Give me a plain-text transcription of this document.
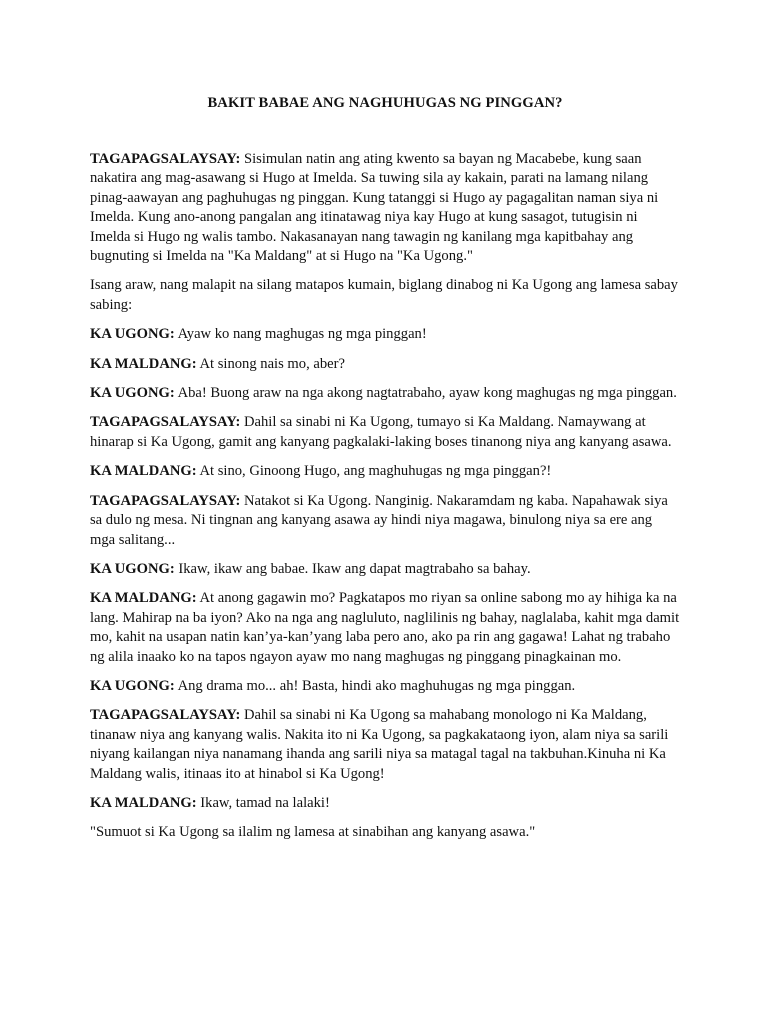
BAKIT BABAE ANG NAGHUHUGAS NG PINGGAN?

TAGAPAGSALAYSAY: Sisimulan natin ang ating kwento sa bayan ng Macabebe, kung saan nakatira ang mag-asawang si Hugo at Imelda. Sa tuwing sila ay kakain, parati na lamang nilang pinag-aawayan ang paghuhugas ng pinggan. Kung tatanggi si Hugo ay pagagalitan naman siya ni Imelda. Kung ano-anong pangalan ang itinatawag niya kay Hugo at kung sasagot, tutugisin ni Imelda si Hugo ng walis tambo. Nakasanayan nang tawagin ng kanilang mga kapitbahay ang bugnuting si Imelda na "Ka Maldang" at si Hugo na "Ka Ugong."

Isang araw, nang malapit na silang matapos kumain, biglang dinabog ni Ka Ugong ang lamesa sabay sabing:

KA UGONG: Ayaw ko nang maghugas ng mga pinggan!

KA MALDANG: At sinong nais mo, aber?

KA UGONG: Aba! Buong araw na nga akong nagtatrabaho, ayaw kong maghugas ng mga pinggan.

TAGAPAGSALAYSAY: Dahil sa sinabi ni Ka Ugong, tumayo si Ka Maldang. Namaywang at hinarap si Ka Ugong, gamit ang kanyang pagkalaki-laking boses tinanong niya ang kanyang asawa.

KA MALDANG: At sino, Ginoong Hugo, ang maghuhugas ng mga pinggan?!

TAGAPAGSALAYSAY: Natakot si Ka Ugong. Nanginig. Nakaramdam ng kaba. Napahawak siya sa dulo ng mesa. Ni tingnan ang kanyang asawa ay hindi niya magawa, binulong niya sa ere ang mga salitang...

KA UGONG: Ikaw, ikaw ang babae. Ikaw ang dapat magtrabaho sa bahay.

KA MALDANG: At anong gagawin mo? Pagkatapos mo riyan sa online sabong mo ay hihiga ka na lang. Mahirap na ba iyon? Ako na nga ang nagluluto, naglilinis ng bahay, naglalaba, kahit mga damit mo, kahit na usapan natin kan’ya-kan’yang laba pero ano, ako pa rin ang gagawa! Lahat ng trabaho ng alila inaako ko na tapos ngayon ayaw mo nang maghugas ng pinggang pinagkainan mo.

KA UGONG: Ang drama mo... ah! Basta, hindi ako maghuhugas ng mga pinggan.

TAGAPAGSALAYSAY: Dahil sa sinabi ni Ka Ugong sa mahabang monologo ni Ka Maldang, tinanaw niya ang kanyang walis. Nakita ito ni Ka Ugong, sa pagkakataong iyon, alam niya sa sarili niyang kailangan niya nanamang ihanda ang sarili niya sa matagal tagal na takbuhan.Kinuha ni Ka Maldang walis, itinaas ito at hinabol si Ka Ugong!

KA MALDANG: Ikaw, tamad na lalaki!

"Sumuot si Ka Ugong sa ilalim ng lamesa at sinabihan ang kanyang asawa."
